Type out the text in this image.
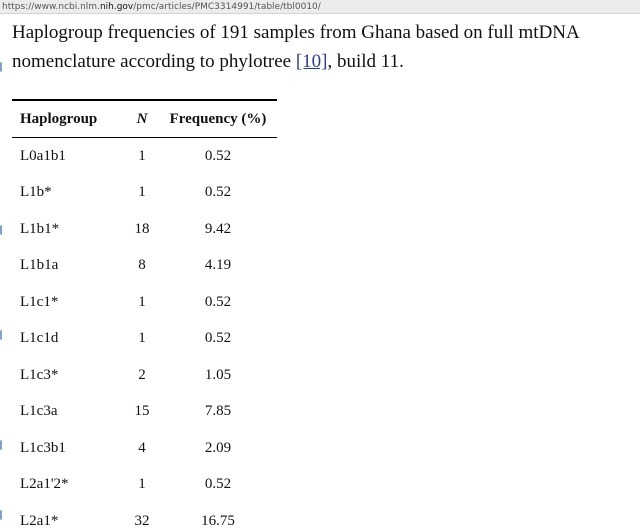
https://www.ncbi.nlm.nih.gov/pmc/articles/PMC3314991/table/tbl0010/
Haplogroup frequencies of 191 samples from Ghana based on full mtDNA
nomenclature according to phylotree [10], build 11.
Haplogroup	N	Frequency (%)
L0a1b1	1	0.52
L1b*	1	0.52
L1b1*	18	9.42
L1b1a	8	4.19
L1c1*	1	0.52
L1c1d	1	0.52
L1c3*	2	1.05
L1c3a	15	7.85
L1c3b1	4	2.09
L2a1'2*	1	0.52
L2a1*	32	16.75
